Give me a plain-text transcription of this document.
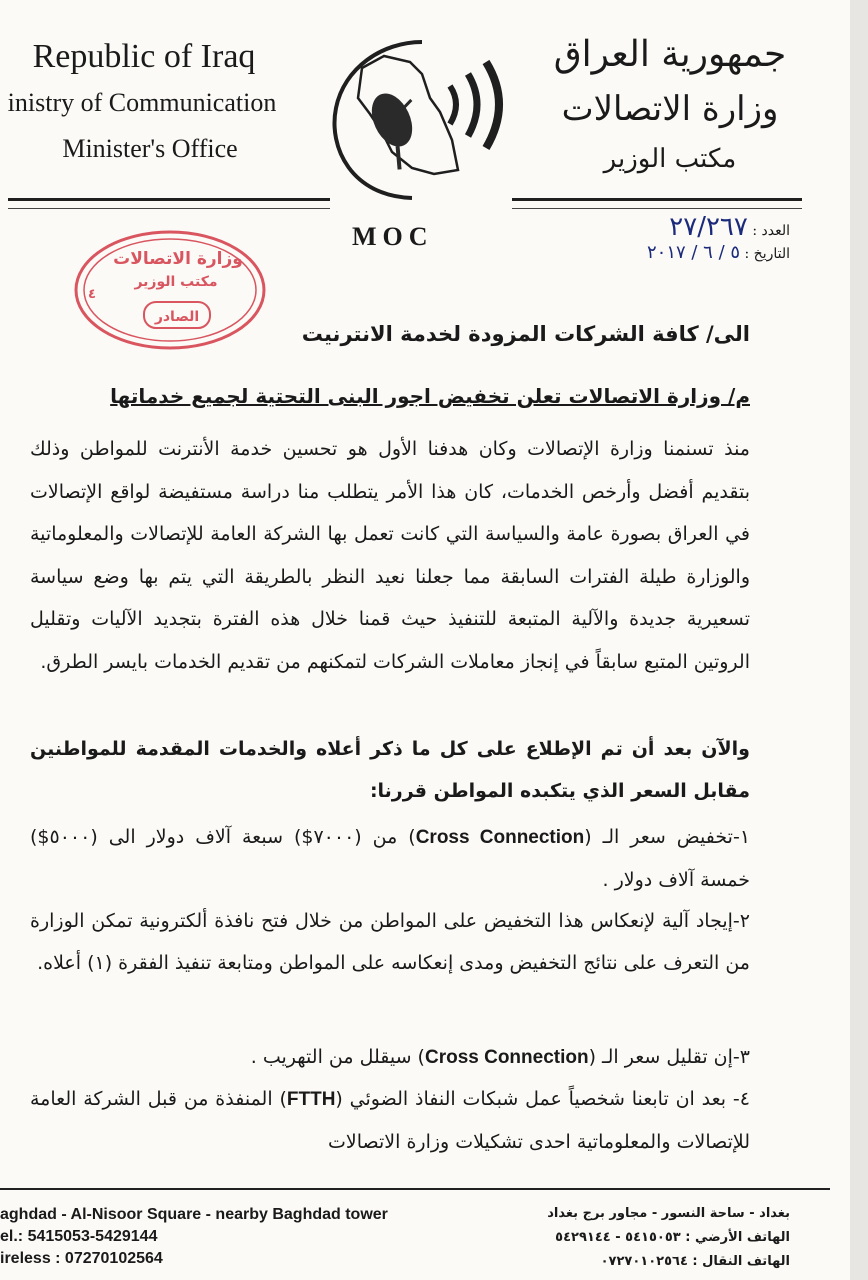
Republic of Iraq
inistry of Communication
Minister's Office
MOC
جمهورية العراق
وزارة الاتصالات
مكتب الوزير
وزارة الاتصالات
مكتب الوزير
الصادر
٤
العدد : ٢٧/٢٦٧
التاريخ : ٥ / ٦ / ٢٠١٧
الى/ كافة الشركات المزودة لخدمة الانترنيت
م/ وزارة الاتصالات تعلن تخفيض اجور البنى التحتية لجميع خدماتها
منذ تسنمنا وزارة الإتصالات وكان هدفنا الأول هو تحسين خدمة الأنترنت للمواطن وذلك بتقديم أفضل وأرخص الخدمات، كان هذا الأمر يتطلب منا دراسة مستفيضة لواقع الإتصالات في العراق بصورة عامة والسياسة التي كانت تعمل بها الشركة العامة للإتصالات والمعلوماتية والوزارة طيلة الفترات السابقة مما جعلنا نعيد النظر بالطريقة التي يتم بها وضع سياسة تسعيرية جديدة والآلية المتبعة للتنفيذ حيث قمنا خلال هذه الفترة بتجديد الآليات وتقليل الروتين المتبع سابقاً في إنجاز معاملات الشركات لتمكنهم من تقديم الخدمات بايسر الطرق.
والآن بعد أن تم الإطلاع على كل ما ذكر أعلاه والخدمات المقدمة للمواطنين مقابل السعر الذي يتكبده المواطن قررنا:
١-تخفيض سعر الـ (Cross Connection) من (٧٠٠٠$) سبعة آلاف دولار الى (٥٠٠٠$) خمسة آلاف دولار .
٢-إيجاد آلية لإنعكاس هذا التخفيض على المواطن من خلال فتح نافذة ألكترونية تمكن الوزارة من التعرف على نتائج التخفيض ومدى إنعكاسه على المواطن ومتابعة تنفيذ الفقرة (١) أعلاه.
٣-إن تقليل سعر الـ (Cross Connection) سيقلل من التهريب .
٤- بعد ان تابعنا شخصياً عمل شبكات النفاذ الضوئي (FTTH) المنفذة من قبل الشركة العامة للإتصالات والمعلوماتية احدى تشكيلات وزارة الاتصالات
aghdad - Al-Nisoor Square - nearby Baghdad tower
el.: 5415053-5429144
ireless : 07270102564
بغداد - ساحة النسور - مجاور برج بغداد
الهاتف الأرضي : ٥٤١٥٠٥٣ - ٥٤٢٩١٤٤
الهاتف النقال : ٠٧٢٧٠١٠٢٥٦٤
